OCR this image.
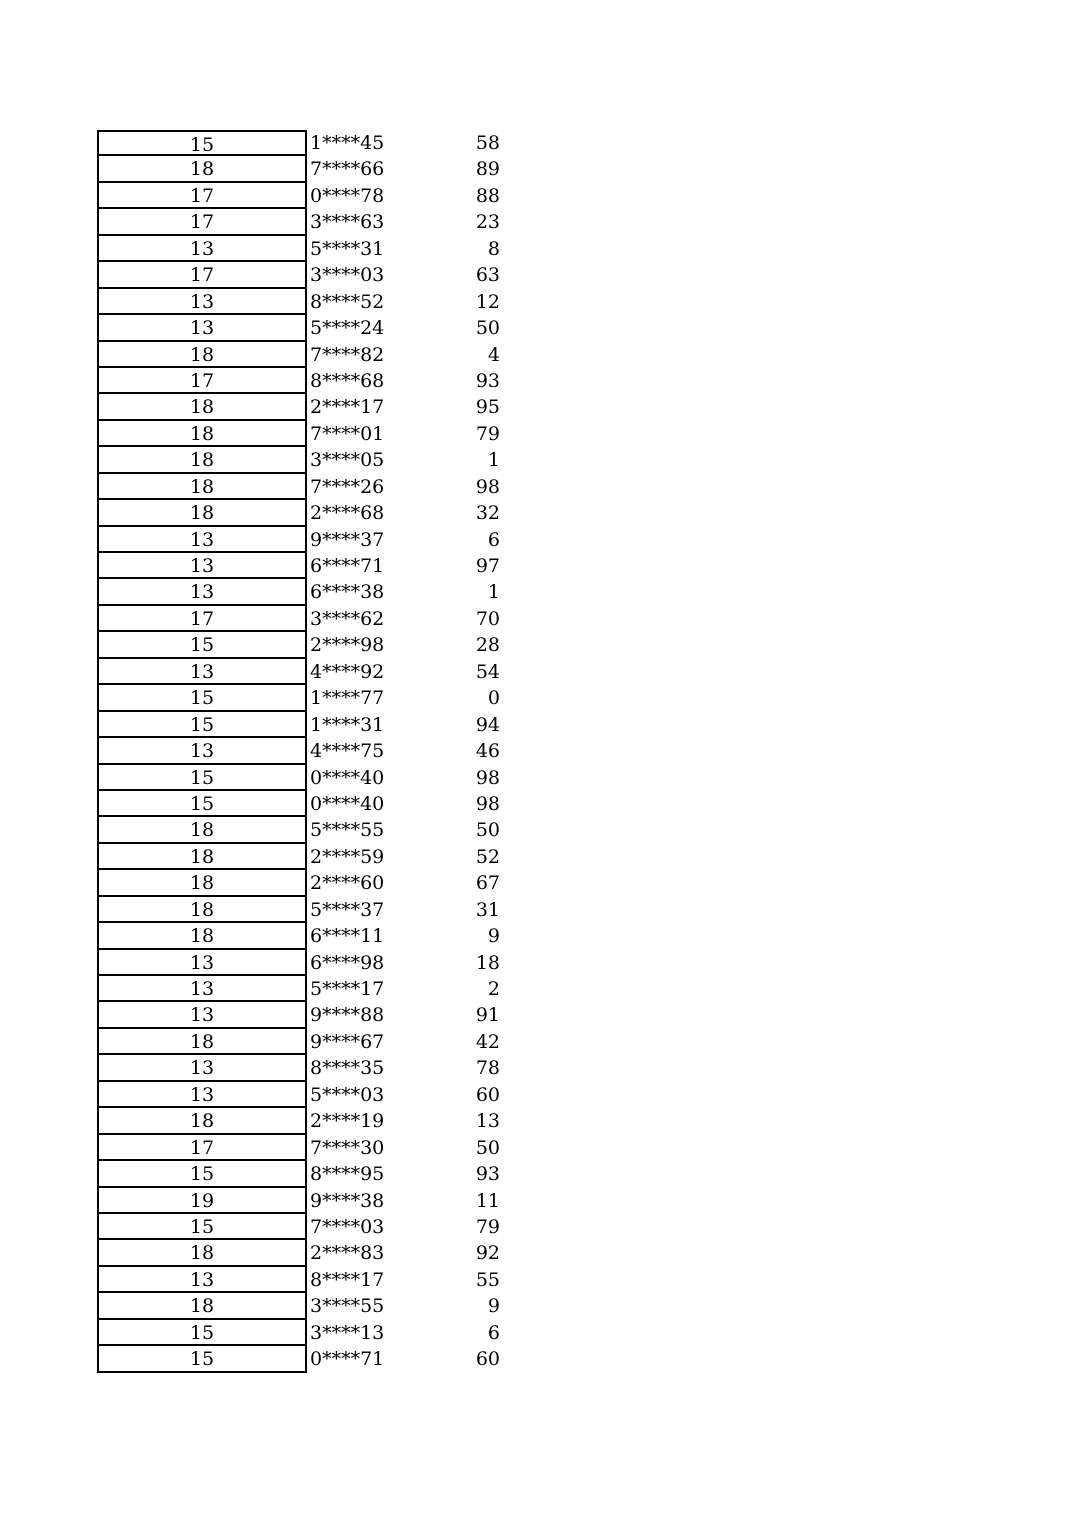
15	1****45	58
18	7****66	89
17	0****78	88
17	3****63	23
13	5****31	8
17	3****03	63
13	8****52	12
13	5****24	50
18	7****82	4
17	8****68	93
18	2****17	95
18	7****01	79
18	3****05	1
18	7****26	98
18	2****68	32
13	9****37	6
13	6****71	97
13	6****38	1
17	3****62	70
15	2****98	28
13	4****92	54
15	1****77	0
15	1****31	94
13	4****75	46
15	0****40	98
15	0****40	98
18	5****55	50
18	2****59	52
18	2****60	67
18	5****37	31
18	6****11	9
13	6****98	18
13	5****17	2
13	9****88	91
18	9****67	42
13	8****35	78
13	5****03	60
18	2****19	13
17	7****30	50
15	8****95	93
19	9****38	11
15	7****03	79
18	2****83	92
13	8****17	55
18	3****55	9
15	3****13	6
15	0****71	60
